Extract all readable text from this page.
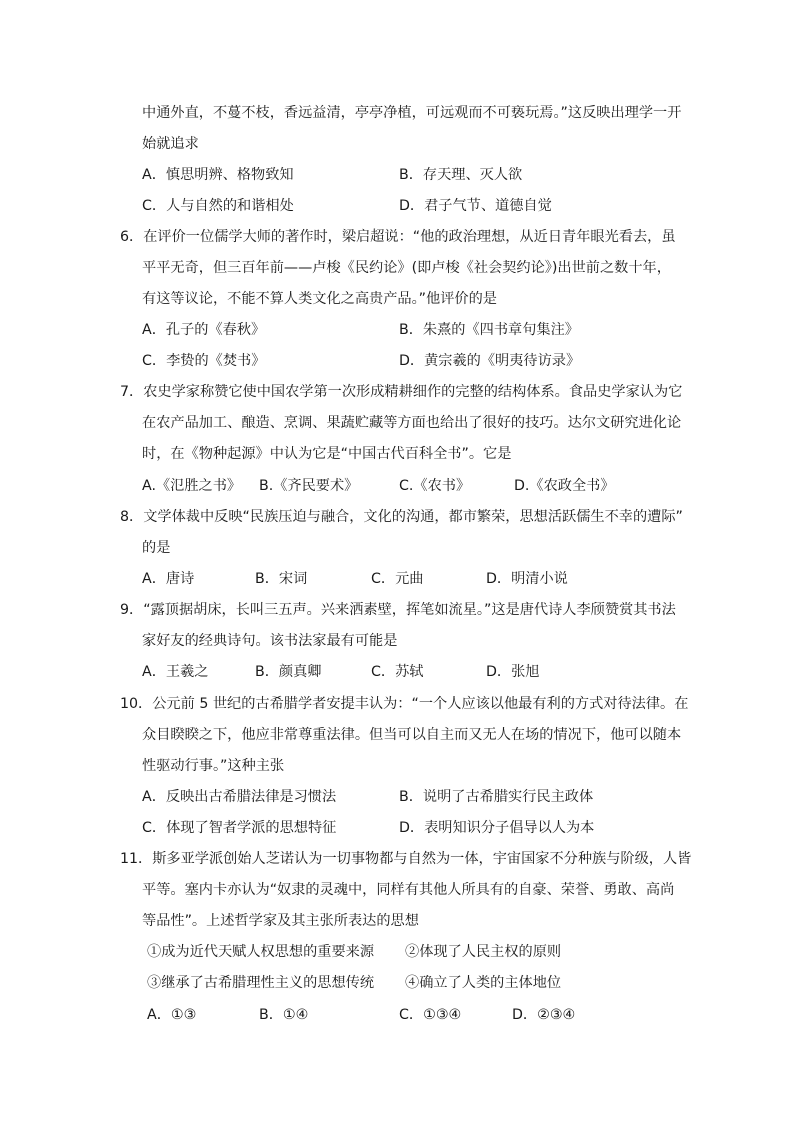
中通外直，不蔓不枝，香远益清，亭亭净植，可远观而不可亵玩焉。”这反映出理学一开
始就追求
A．慎思明辨、格物致知	B．存天理、灭人欲
C．人与自然的和谐相处	D．君子气节、道德自觉
6．在评价一位儒学大师的著作时，梁启超说：“他的政治理想，从近日青年眼光看去，虽
平平无奇，但三百年前——卢梭《民约论》(即卢梭《社会契约论》)出世前之数十年，
有这等议论，不能不算人类文化之高贵产品。”他评价的是
A．孔子的《春秋》	B．朱熹的《四书章句集注》
C．李贽的《焚书》	D．黄宗羲的《明夷待访录》
7．农史学家称赞它使中国农学第一次形成精耕细作的完整的结构体系。食品史学家认为它
在农产品加工、酿造、烹调、果蔬贮藏等方面也给出了很好的技巧。达尔文研究进化论
时，在《物种起源》中认为它是“中国古代百科全书”。它是
A.《氾胜之书》 B.《齐民要术》	C.《农书》	D.《农政全书》
8．文学体裁中反映“民族压迫与融合，文化的沟通，都市繁荣，思想活跃儒生不幸的遭际”
的是
A．唐诗	B．宋词	C．元曲	D．明清小说
9．“露顶据胡床，长叫三五声。兴来洒素壁，挥笔如流星。”这是唐代诗人李颀赞赏其书法
家好友的经典诗句。该书法家最有可能是
A．王羲之	B．颜真卿	C．苏轼	D．张旭
10．公元前 5 世纪的古希腊学者安提丰认为：“一个人应该以他最有利的方式对待法律。在
众目睽睽之下，他应非常尊重法律。但当可以自主而又无人在场的情况下，他可以随本
性驱动行事。”这种主张
A．反映出古希腊法律是习惯法	B．说明了古希腊实行民主政体
C．体现了智者学派的思想特征	D．表明知识分子倡导以人为本
11．斯多亚学派创始人芝诺认为一切事物都与自然为一体，宇宙国家不分种族与阶级，人皆
平等。塞内卡亦认为“奴隶的灵魂中，同样有其他人所具有的自豪、荣誉、勇敢、高尚
等品性”。上述哲学家及其主张所表达的思想
①成为近代天赋人权思想的重要来源 ②体现了人民主权的原则
③继承了古希腊理性主义的思想传统 ④确立了人类的主体地位
A．①③	B．①④	C．①③④	D．②③④
